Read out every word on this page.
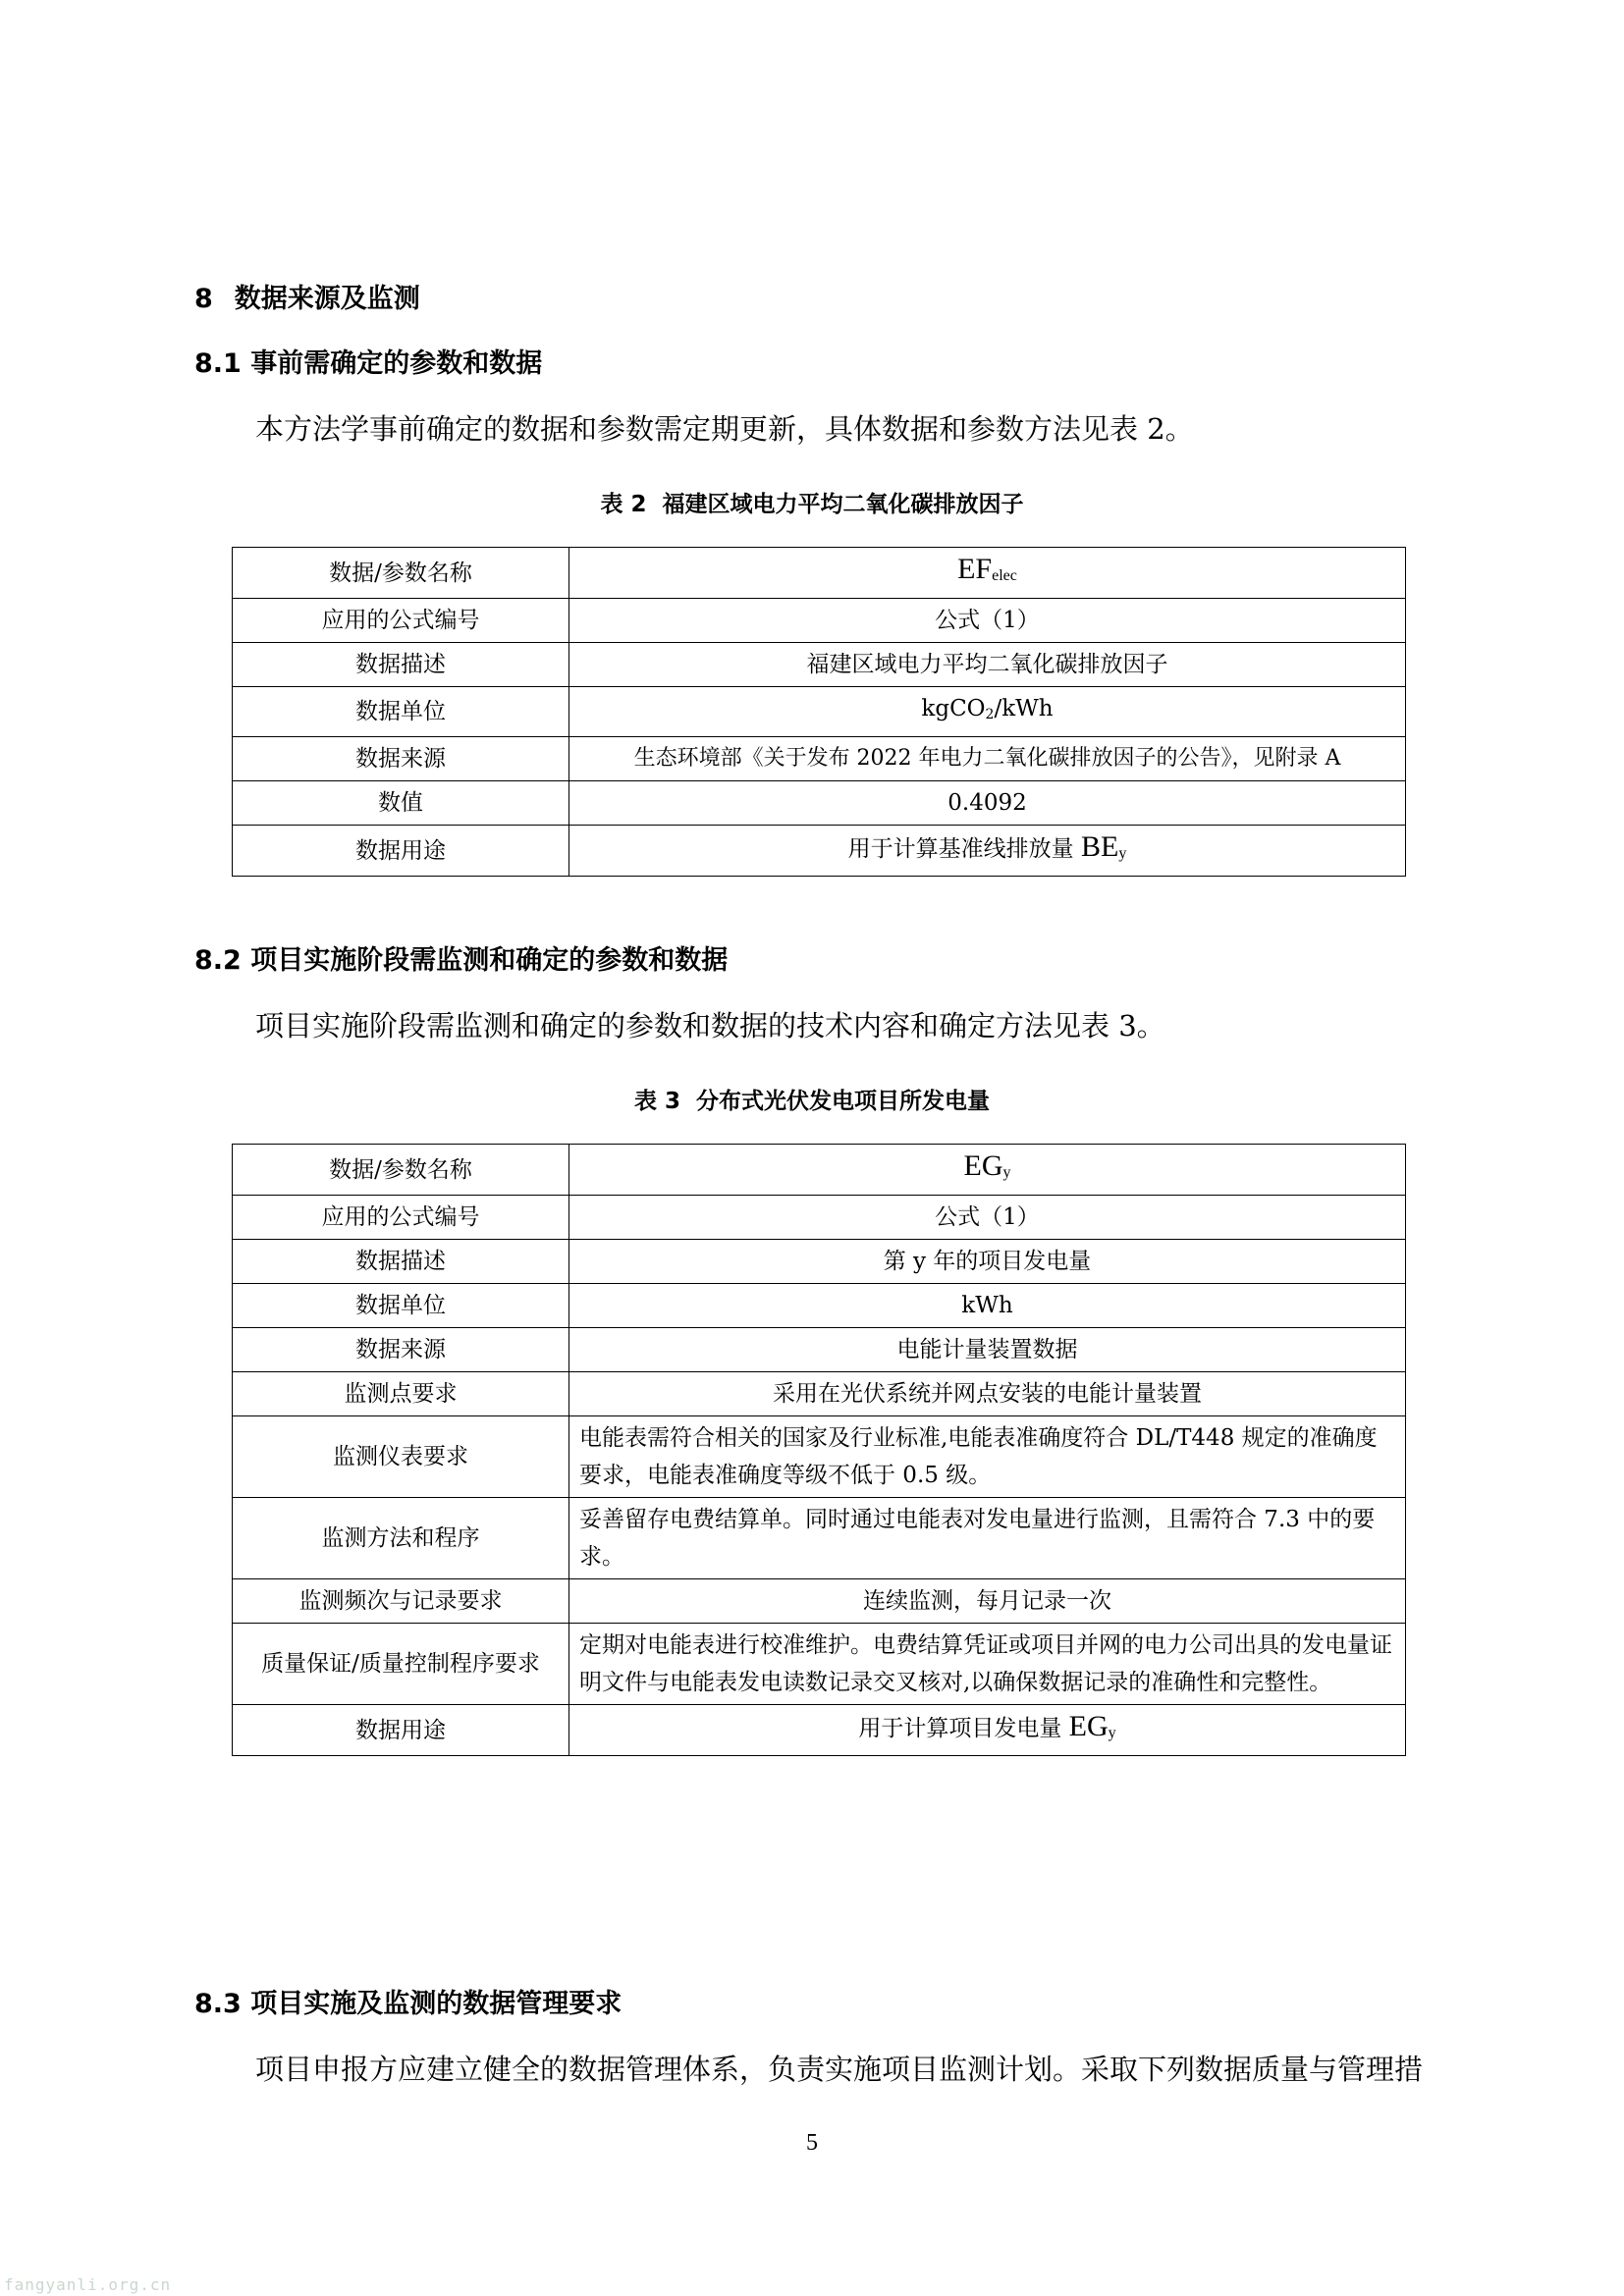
8 数据来源及监测
8.1 事前需确定的参数和数据
本方法学事前确定的数据和参数需定期更新，具体数据和参数方法见表 2。
表 2 福建区域电力平均二氧化碳排放因子
数据/参数名称	$EF_{elec}$
应用的公式编号	公式（1）
数据描述	福建区域电力平均二氧化碳排放因子
数据单位	kgCO$_2$/kWh
数据来源	生态环境部《关于发布 2022 年电力二氧化碳排放因子的公告》，见附录 A
数值	0.4092
数据用途	用于计算基准线排放量 $BE_y$
8.2 项目实施阶段需监测和确定的参数和数据
项目实施阶段需监测和确定的参数和数据的技术内容和确定方法见表 3。
表 3 分布式光伏发电项目所发电量
数据/参数名称	$EG_y$
应用的公式编号	公式（1）
数据描述	第 y 年的项目发电量
数据单位	kWh
数据来源	电能计量装置数据
监测点要求	采用在光伏系统并网点安装的电能计量装置
监测仪表要求	电能表需符合相关的国家及行业标准,电能表准确度符合 DL/T448 规定的准确度要求，电能表准确度等级不低于 0.5 级。
监测方法和程序	妥善留存电费结算单。同时通过电能表对发电量进行监测，且需符合 7.3 中的要求。
监测频次与记录要求	连续监测，每月记录一次
质量保证/质量控制程序要求	定期对电能表进行校准维护。电费结算凭证或项目并网的电力公司出具的发电量证明文件与电能表发电读数记录交叉核对,以确保数据记录的准确性和完整性。
数据用途	用于计算项目发电量 $EG_y$
8.3 项目实施及监测的数据管理要求
项目申报方应建立健全的数据管理体系，负责实施项目监测计划。采取下列数据质量与管理措
5
fangyanli.org.cn
